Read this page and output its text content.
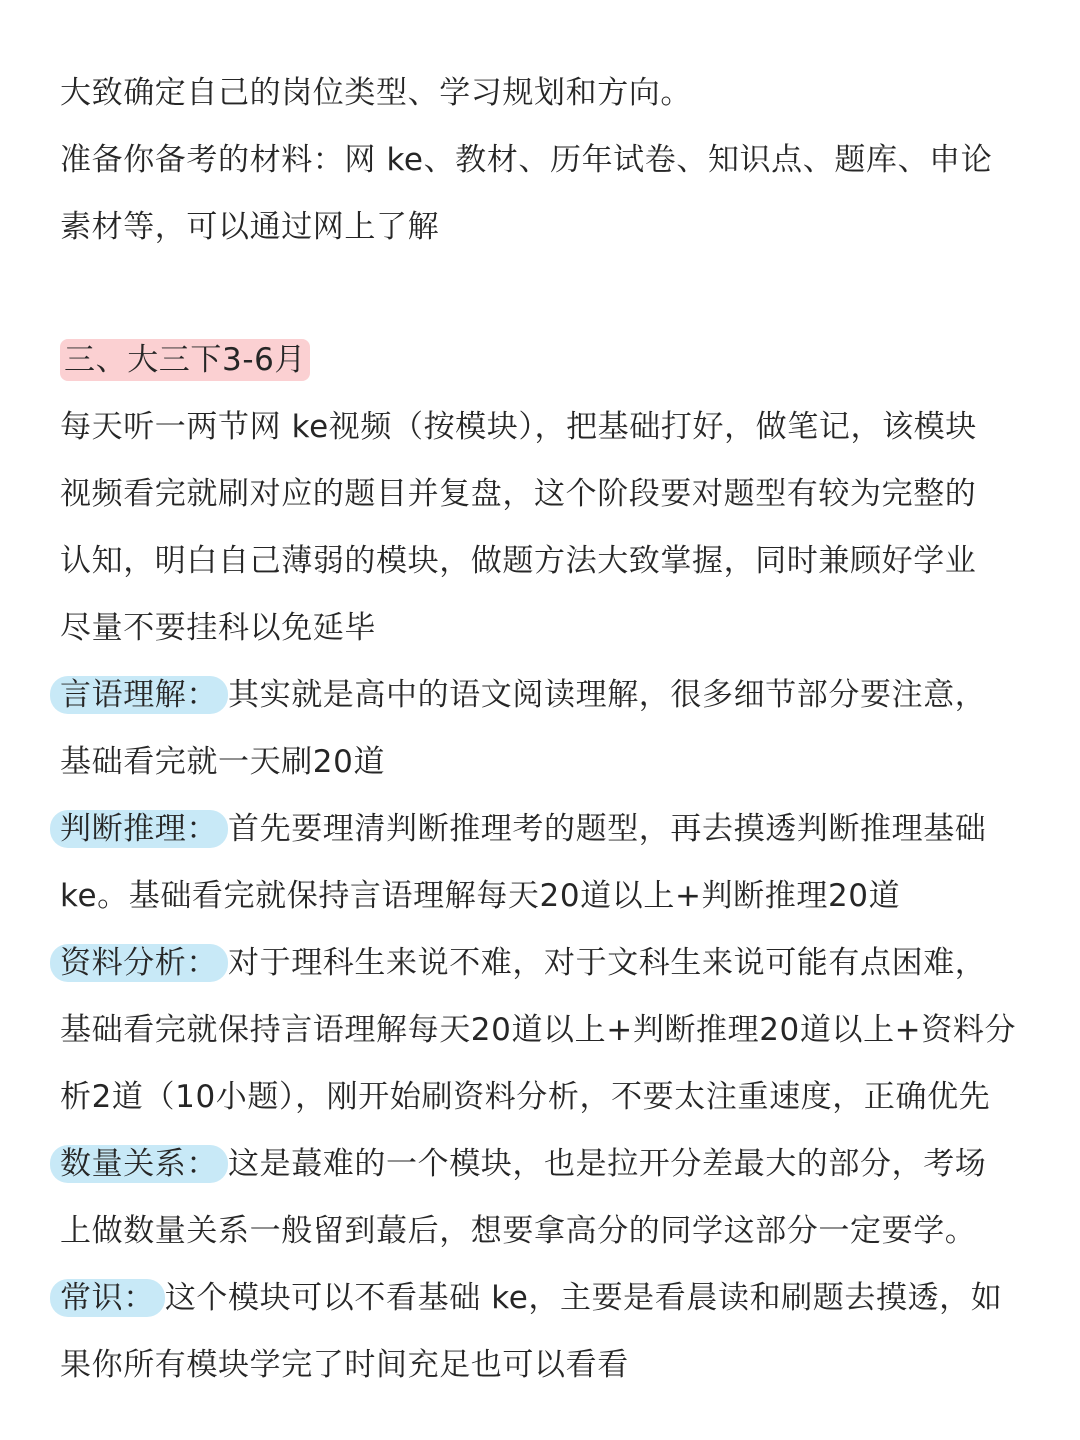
大致确定自己的岗位类型、学习规划和方向。
准备你备考的材料：网 ke、教材、历年试卷、知识点、题库、申论
素材等，可以通过网上了解
三、大三下3-6月
每天听一两节网 ke视频（按模块），把基础打好，做笔记，该模块
视频看完就刷对应的题目并复盘，这个阶段要对题型有较为完整的
认知，明白自己薄弱的模块，做题方法大致掌握，同时兼顾好学业
尽量不要挂科以免延毕
言语理解： 其实就是高中的语文阅读理解，很多细节部分要注意，
基础看完就一天刷20道
判断推理： 首先要理清判断推理考的题型，再去摸透判断推理基础
ke。基础看完就保持言语理解每天20道以上+判断推理20道
资料分析： 对于理科生来说不难，对于文科生来说可能有点困难，
基础看完就保持言语理解每天20道以上+判断推理20道以上+资料分
析2道（10小题），刚开始刷资料分析，不要太注重速度，正确优先
数量关系： 这是蕞难的一个模块，也是拉开分差最大的部分，考场
上做数量关系一般留到蕞后，想要拿高分的同学这部分一定要学。
常识： 这个模块可以不看基础 ke，主要是看晨读和刷题去摸透，如
果你所有模块学完了时间充足也可以看看
